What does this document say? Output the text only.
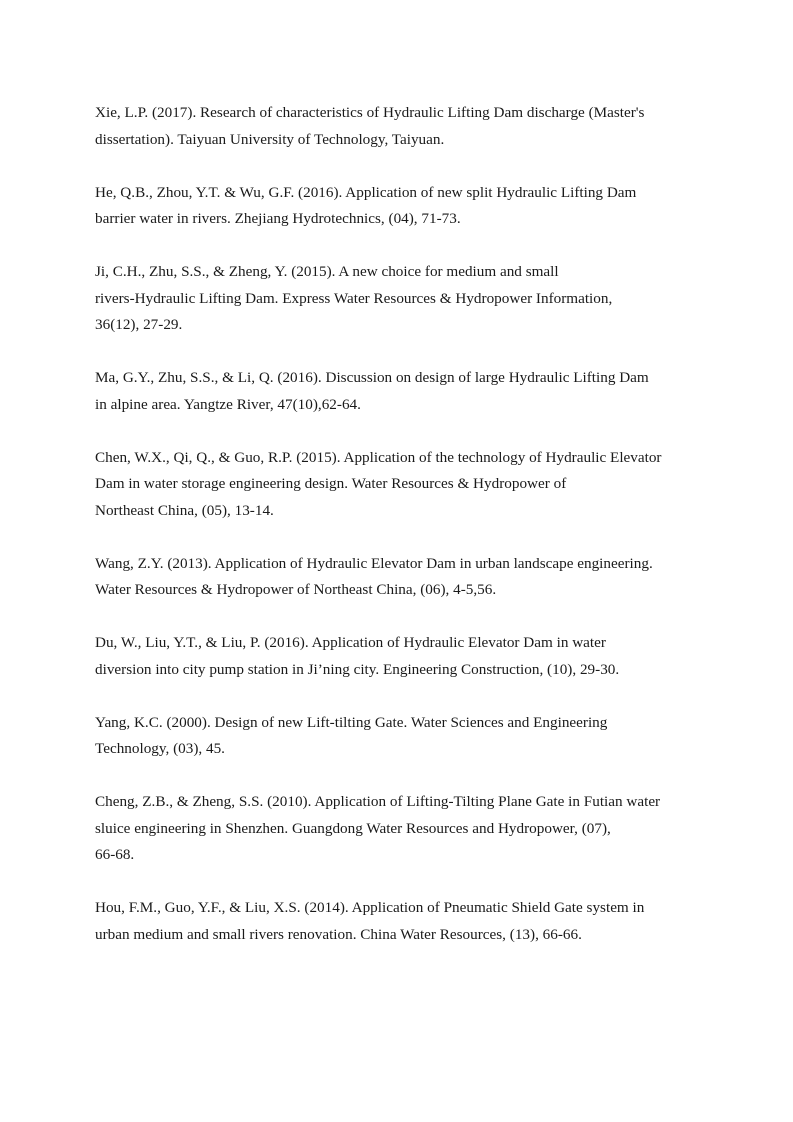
Xie, L.P. (2017). Research of characteristics of Hydraulic Lifting Dam discharge (Master's
dissertation). Taiyuan University of Technology, Taiyuan.
He, Q.B., Zhou, Y.T. & Wu, G.F. (2016). Application of new split Hydraulic Lifting Dam
barrier water in rivers. Zhejiang Hydrotechnics, (04), 71-73.
Ji, C.H., Zhu, S.S., & Zheng, Y. (2015). A new choice for medium and small
rivers-Hydraulic Lifting Dam. Express Water Resources & Hydropower Information,
36(12), 27-29.
Ma, G.Y., Zhu, S.S., & Li, Q. (2016). Discussion on design of large Hydraulic Lifting Dam
in alpine area. Yangtze River, 47(10),62-64.
Chen, W.X., Qi, Q., & Guo, R.P. (2015). Application of the technology of Hydraulic Elevator
Dam in water storage engineering design. Water Resources & Hydropower of
Northeast China, (05), 13-14.
Wang, Z.Y. (2013). Application of Hydraulic Elevator Dam in urban landscape engineering.
Water Resources & Hydropower of Northeast China, (06), 4-5,56.
Du, W., Liu, Y.T., & Liu, P. (2016). Application of Hydraulic Elevator Dam in water
diversion into city pump station in Ji’ning city. Engineering Construction, (10), 29-30.
Yang, K.C. (2000). Design of new Lift-tilting Gate. Water Sciences and Engineering
Technology, (03), 45.
Cheng, Z.B., & Zheng, S.S. (2010). Application of Lifting-Tilting Plane Gate in Futian water
sluice engineering in Shenzhen. Guangdong Water Resources and Hydropower, (07),
66-68.
Hou, F.M., Guo, Y.F., & Liu, X.S. (2014). Application of Pneumatic Shield Gate system in
urban medium and small rivers renovation. China Water Resources, (13), 66-66.
